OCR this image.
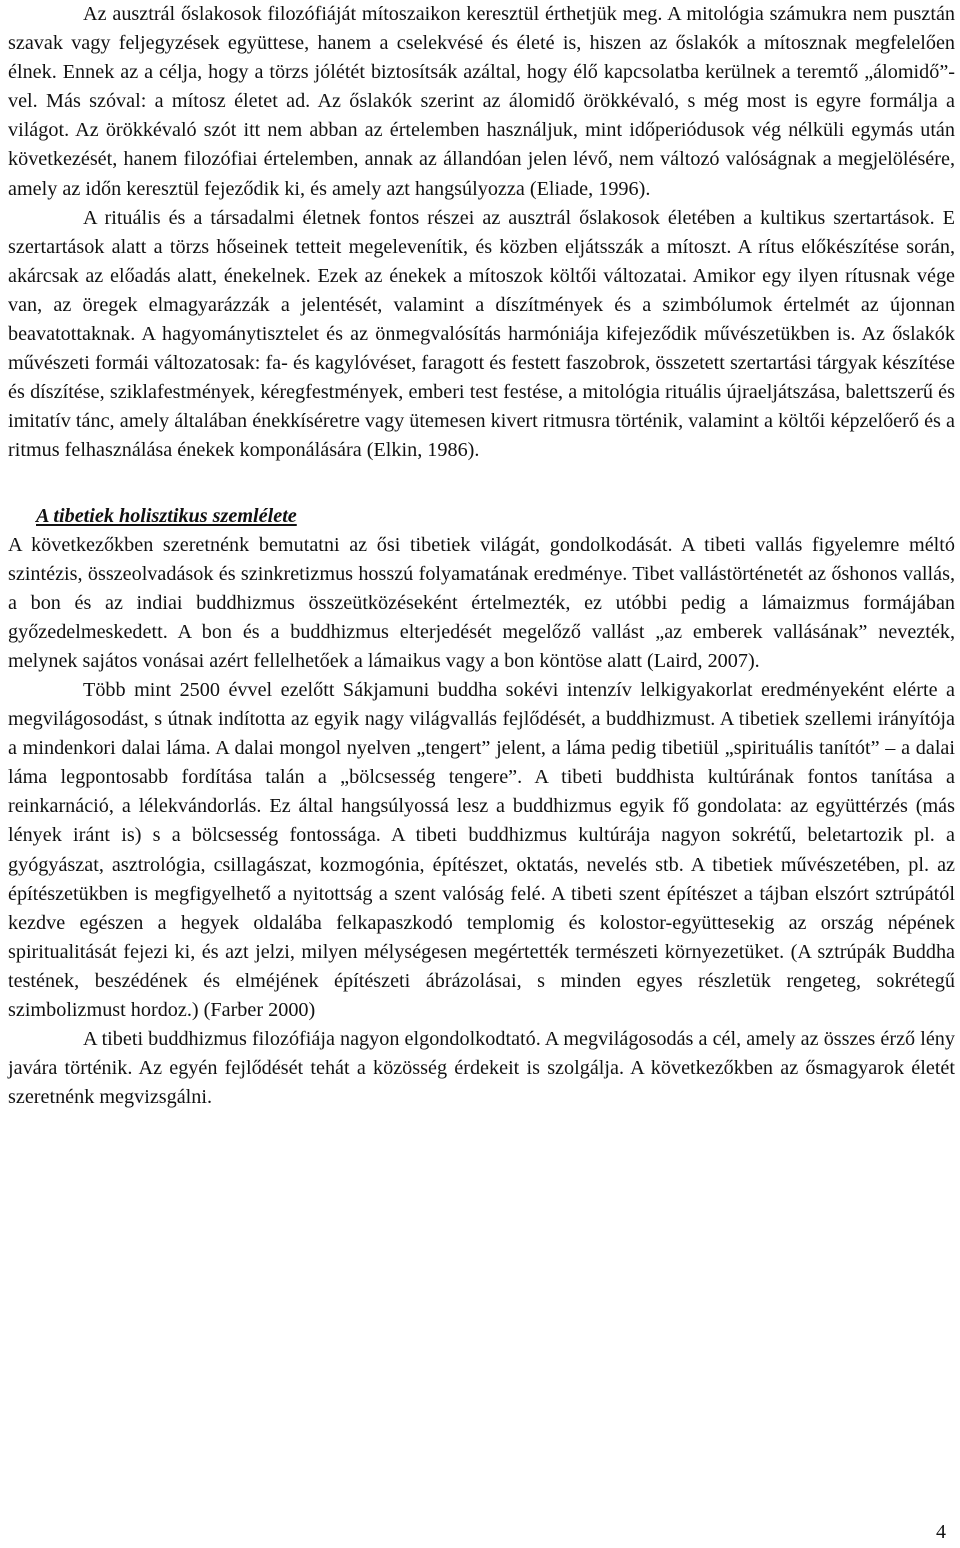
Az ausztrál őslakosok filozófiáját mítoszaikon keresztül érthetjük meg. A mitológia számukra nem pusztán szavak vagy feljegyzések együttese, hanem a cselekvésé és életé is, hiszen az őslakók a mítosznak megfelelően élnek. Ennek az a célja, hogy a törzs jólétét biztosítsák azáltal, hogy élő kapcsolatba kerülnek a teremtő „álomidő”-vel. Más szóval: a mítosz életet ad. Az őslakók szerint az álomidő örökkévaló, s még most is egyre formálja a világot. Az örökkévaló szót itt nem abban az értelemben használjuk, mint időperiódusok vég nélküli egymás után következését, hanem filozófiai értelemben, annak az állandóan jelen lévő, nem változó valóságnak a megjelölésére, amely az időn keresztül fejeződik ki, és amely azt hangsúlyozza (Eliade, 1996).

A rituális és a társadalmi életnek fontos részei az ausztrál őslakosok életében a kultikus szertartások. E szertartások alatt a törzs hőseinek tetteit megelevenítik, és közben eljátsszák a mítoszt. A rítus előkészítése során, akárcsak az előadás alatt, énekelnek. Ezek az énekek a mítoszok költői változatai. Amikor egy ilyen rítusnak vége van, az öregek elmagyarázzák a jelentését, valamint a díszítmények és a szimbólumok értelmét az újonnan beavatottaknak. A hagyománytisztelet és az önmegvalósítás harmóniája kifejeződik művészetükben is. Az őslakók művészeti formái változatosak: fa- és kagylóvéset, faragott és festett faszobrok, összetett szertartási tárgyak készítése és díszítése, sziklafestmények, kéregfestmények, emberi test festése, a mitológia rituális újraeljátszása, balettszerű és imitatív tánc, amely általában énekkíséretre vagy ütemesen kivert ritmusra történik, valamint a költői képzelőerő és a ritmus felhasználása énekek komponálására (Elkin, 1986).

A tibetiek holisztikus szemlélete

A következőkben szeretnénk bemutatni az ősi tibetiek világát, gondolkodását. A tibeti vallás figyelemre méltó szintézis, összeolvadások és szinkretizmus hosszú folyamatának eredménye. Tibet vallástörténetét az őshonos vallás, a bon és az indiai buddhizmus összeütközéseként értelmezték, ez utóbbi pedig a lámaizmus formájában győzedelmeskedett. A bon és a buddhizmus elterjedését megelőző vallást „az emberek vallásának” nevezték, melynek sajátos vonásai azért fellelhetőek a lámaikus vagy a bon köntöse alatt (Laird, 2007).

Több mint 2500 évvel ezelőtt Sákjamuni buddha sokévi intenzív lelkigyakorlat eredményeként elérte a megvilágosodást, s útnak indította az egyik nagy világvallás fejlődését, a buddhizmust. A tibetiek szellemi irányítója a mindenkori dalai láma. A dalai mongol nyelven „tengert” jelent, a láma pedig tibetiül „spirituális tanítót” – a dalai láma legpontosabb fordítása talán a „bölcsesség tengere”. A tibeti buddhista kultúrának fontos tanítása a reinkarnáció, a lélekvándorlás. Ez által hangsúlyossá lesz a buddhizmus egyik fő gondolata: az együttérzés (más lények iránt is) s a bölcsesség fontossága. A tibeti buddhizmus kultúrája nagyon sokrétű, beletartozik pl. a gyógyászat, asztrológia, csillagászat, kozmogónia, építészet, oktatás, nevelés stb. A tibetiek művészetében, pl. az építészetükben is megfigyelhető a nyitottság a szent valóság felé. A tibeti szent építészet a tájban elszórt sztrúpától kezdve egészen a hegyek oldalába felkapaszkodó templomig és kolostor-együttesekig az ország népének spiritualitását fejezi ki, és azt jelzi, milyen mélységesen megértették természeti környezetüket. (A sztrúpák Buddha testének, beszédének és elméjének építészeti ábrázolásai, s minden egyes részletük rengeteg, sokrétegű szimbolizmust hordoz.) (Farber 2000)

A tibeti buddhizmus filozófiája nagyon elgondolkodtató. A megvilágosodás a cél, amely az összes érző lény javára történik. Az egyén fejlődését tehát a közösség érdekeit is szolgálja. A következőkben az ősmagyarok életét szeretnénk megvizsgálni.

4
